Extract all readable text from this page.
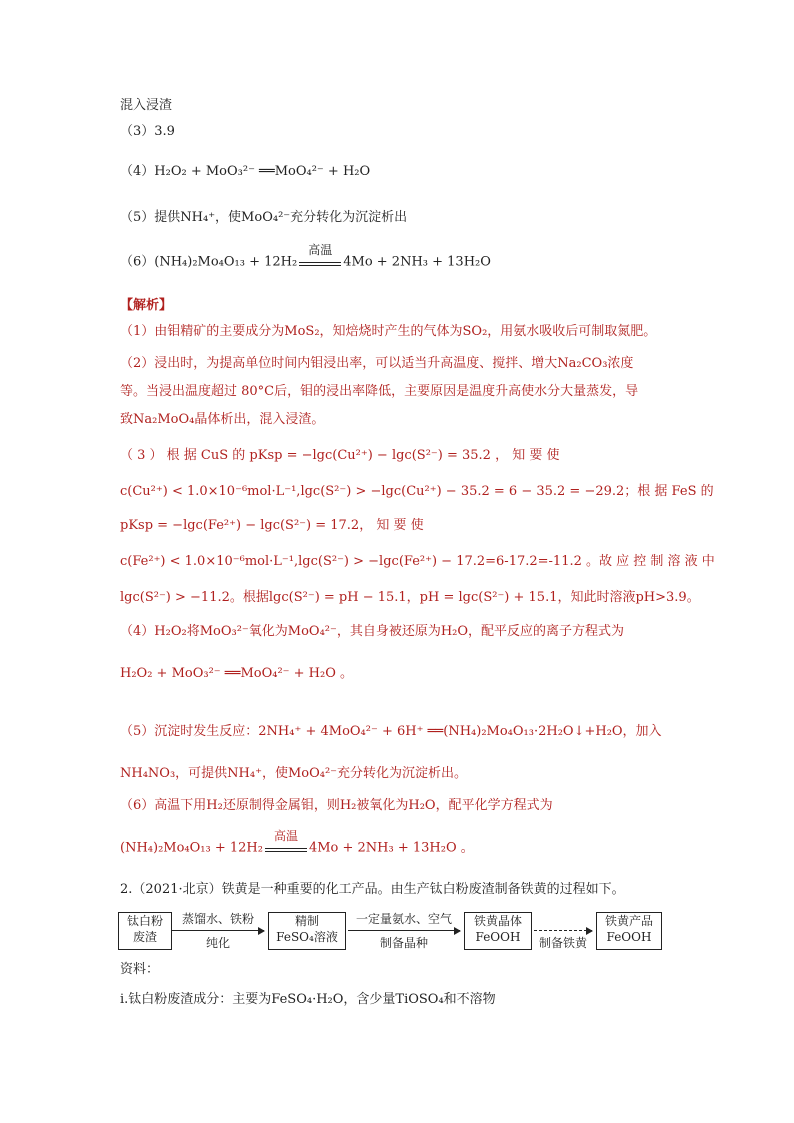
混入浸渣
（3）3.9
（4）H₂O₂ + MoO₃²⁻ ══MoO₄²⁻ + H₂O
（5）提供NH₄⁺，使MoO₄²⁻充分转化为沉淀析出
（6）(NH₄)₂Mo₄O₁₃ + 12H₂
高温
4Mo + 2NH₃ + 13H₂O
【解析】
（1）由钼精矿的主要成分为MoS₂，知焙烧时产生的气体为SO₂，用氨水吸收后可制取氮肥。
（2）浸出时，为提高单位时间内钼浸出率，可以适当升高温度、搅拌、增大Na₂CO₃浓度
等。当浸出温度超过 80°C后，钼的浸出率降低，主要原因是温度升高使水分大量蒸发，导
致Na₂MoO₄晶体析出，混入浸渣。
（ 3 ） 根 据 CuS 的 pKsp = −lgc(Cu²⁺) − lgc(S²⁻) = 35.2 ， 知 要 使
c(Cu²⁺) < 1.0×10⁻⁶mol·L⁻¹,lgc(S²⁻) > −lgc(Cu²⁺) − 35.2 = 6 − 35.2 = −29.2；根 据 FeS 的
pKsp = −lgc(Fe²⁺) − lgc(S²⁻) = 17.2， 知 要 使
c(Fe²⁺) < 1.0×10⁻⁶mol·L⁻¹,lgc(S²⁻) > −lgc(Fe²⁺) − 17.2=6-17.2=-11.2 。故 应 控 制 溶 液 中
lgc(S²⁻) > −11.2。根据lgc(S²⁻) = pH − 15.1，pH = lgc(S²⁻) + 15.1，知此时溶液pH>3.9。
（4）H₂O₂将MoO₃²⁻氧化为MoO₄²⁻，其自身被还原为H₂O，配平反应的离子方程式为
H₂O₂ + MoO₃²⁻ ══MoO₄²⁻ + H₂O 。
（5）沉淀时发生反应：2NH₄⁺ + 4MoO₄²⁻ + 6H⁺ ══(NH₄)₂Mo₄O₁₃·2H₂O↓+H₂O，加入
NH₄NO₃，可提供NH₄⁺，使MoO₄²⁻充分转化为沉淀析出。
（6）高温下用H₂还原制得金属钼，则H₂被氧化为H₂O，配平化学方程式为
(NH₄)₂Mo₄O₁₃ + 12H₂
高温
4Mo + 2NH₃ + 13H₂O 。
2.（2021·北京）铁黄是一种重要的化工产品。由生产钛白粉废渣制备铁黄的过程如下。
钛白粉
废渣
蒸馏水、铁粉
纯化
精制
FeSO₄溶液
一定量氨水、空气
制备晶种
铁黄晶体
FeOOH	制备铁黄
铁黄产品
FeOOH
资料：
i.钛白粉废渣成分：主要为FeSO₄·H₂O，含少量TiOSO₄和不溶物
